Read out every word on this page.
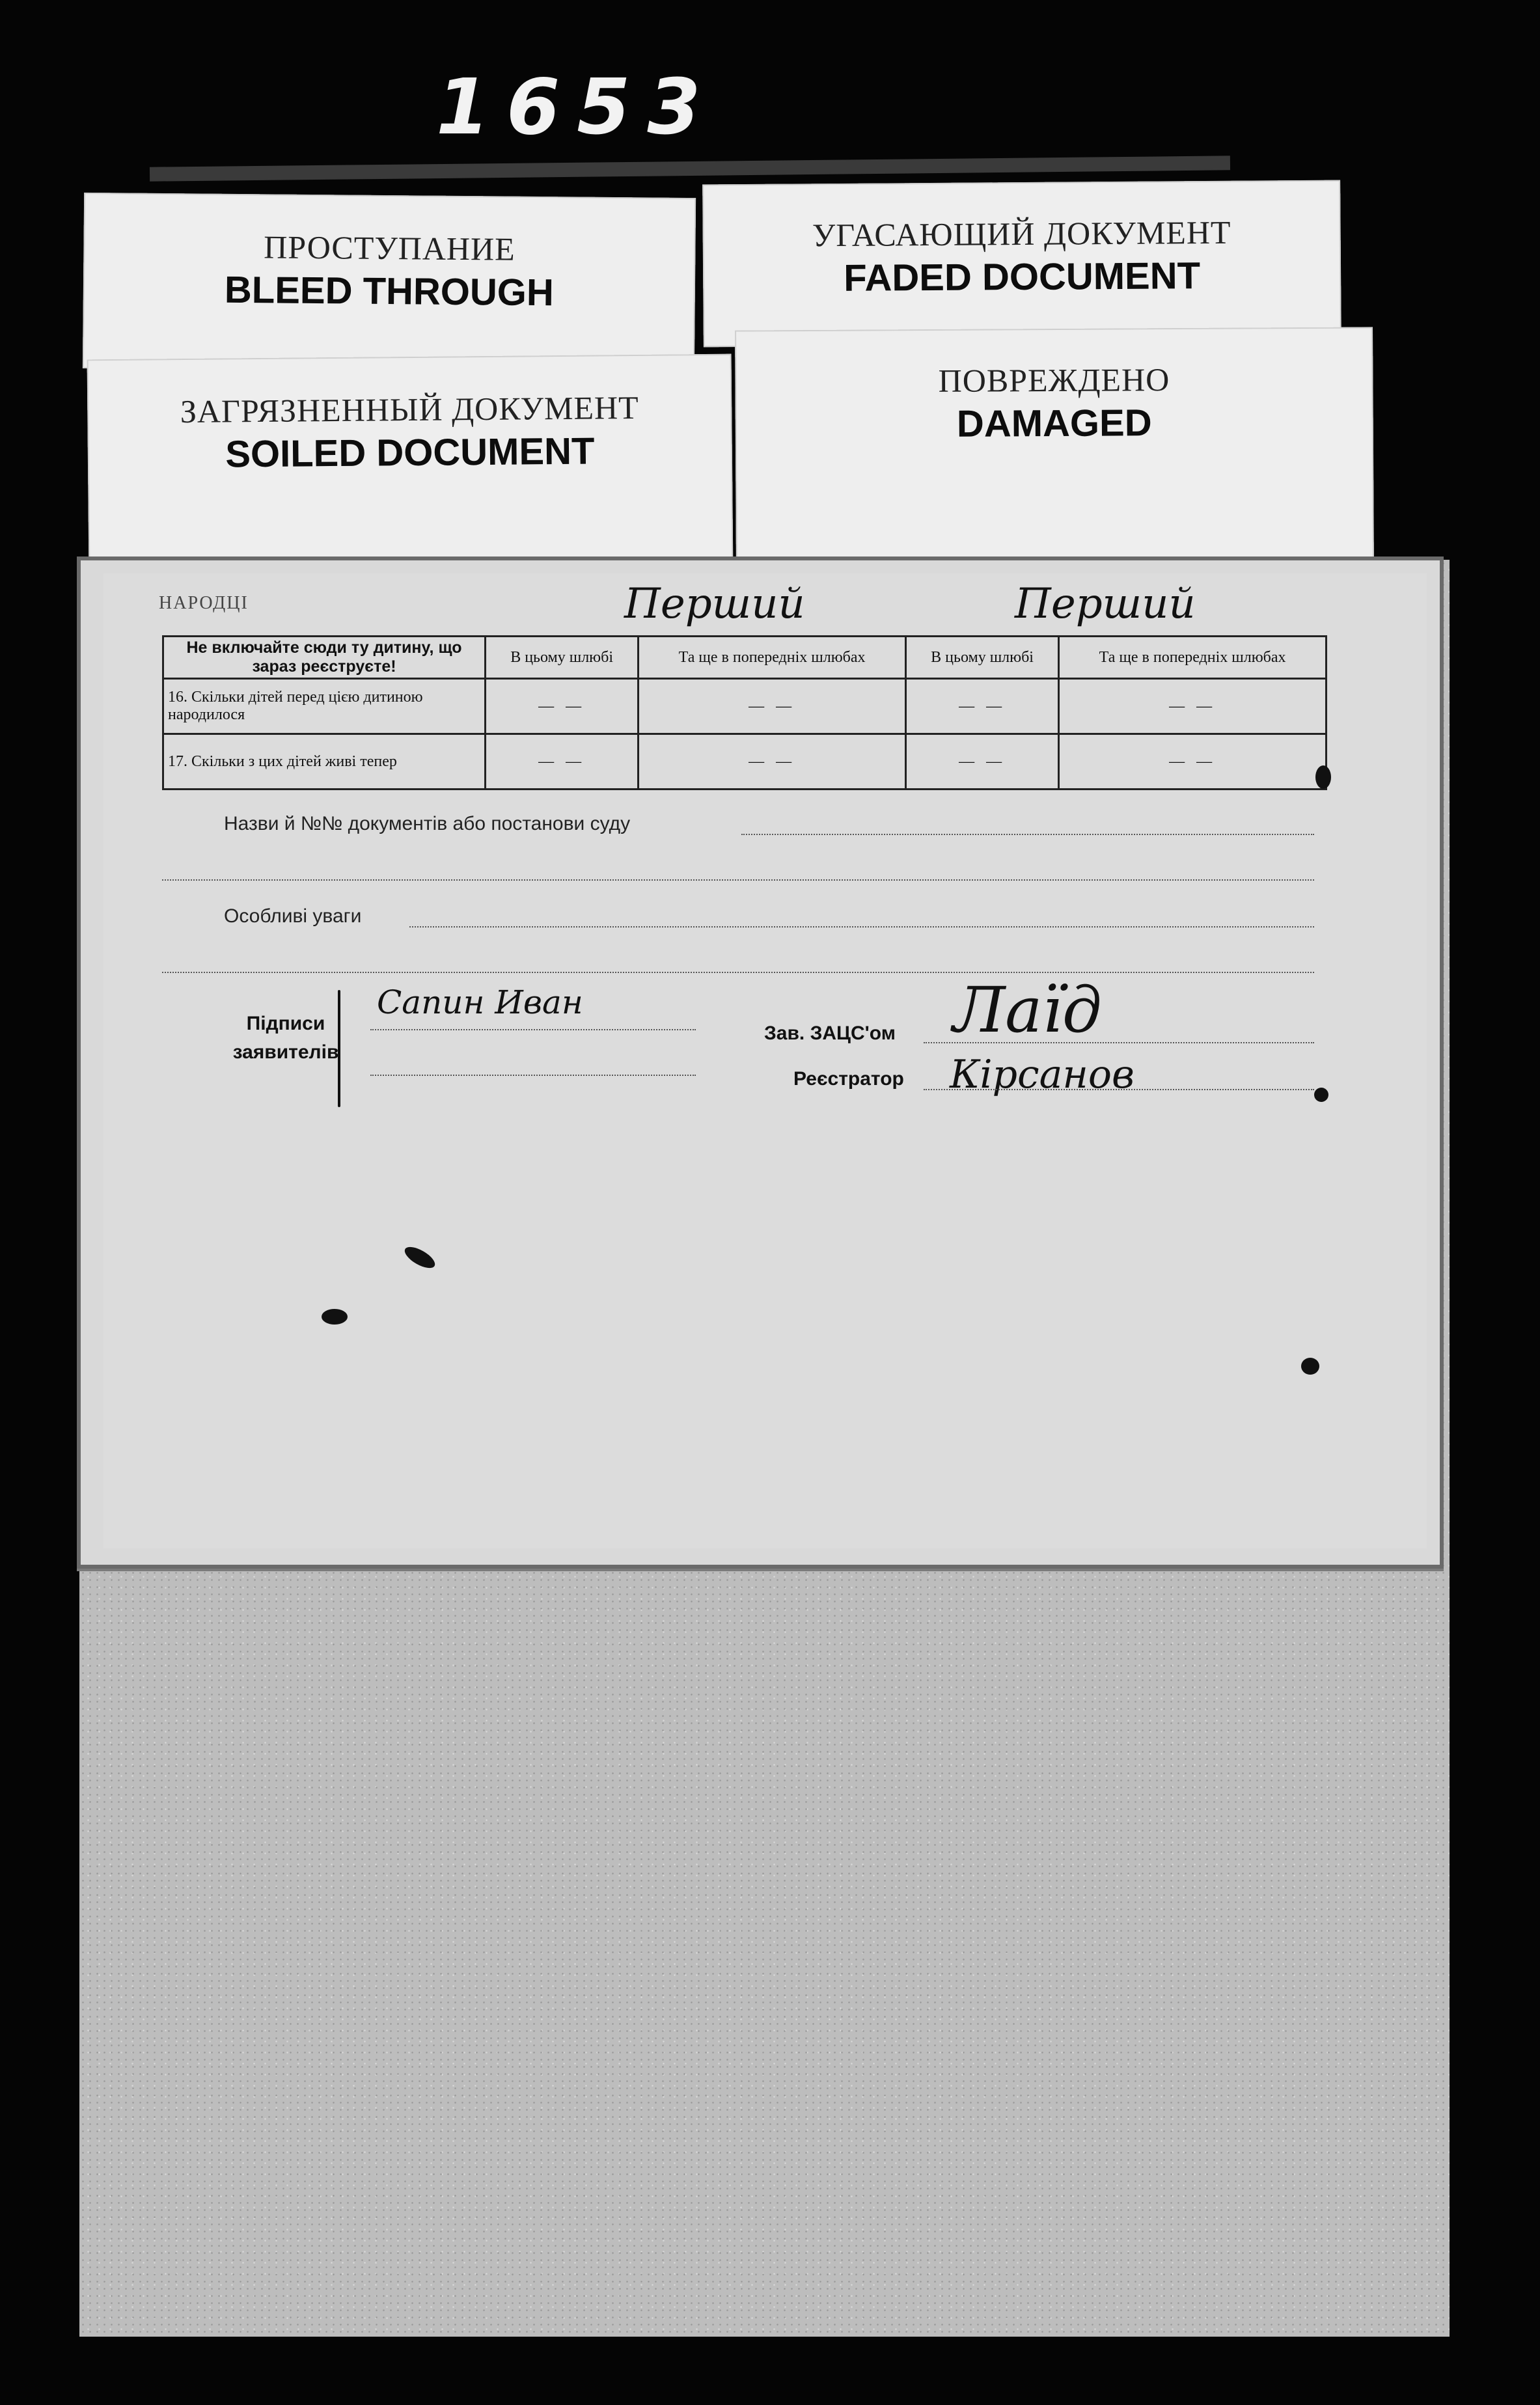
1653
ПРОСТУПАНИЕ
BLEED THROUGH
УГАСАЮЩИЙ ДОКУМЕНТ
FADED DOCUMENT
ЗАГРЯЗНЕННЫЙ ДОКУМЕНТ
SOILED DOCUMENT
ПОВРЕЖДЕНО
DAMAGED
НАРОДЦІ	Перший	Перший
Не включайте сюди ту дитину, що зараз реєструєте!	В цьому шлюбі	Та ще в попередніх шлюбах	В цьому шлюбі	Та ще в попередніх шлюбах
16. Скільки дітей перед цією дитиною народилося	— —	— —	— —	— —
17. Скільки з цих дітей живі тепер	— —	— —	— —	— —
Назви й №№ документів або постанови суду
Особливі уваги
Підписи заявителів
Сапин Иван
Зав. ЗАЦС'ом Лаїд
Реєстратор Кірсанов
